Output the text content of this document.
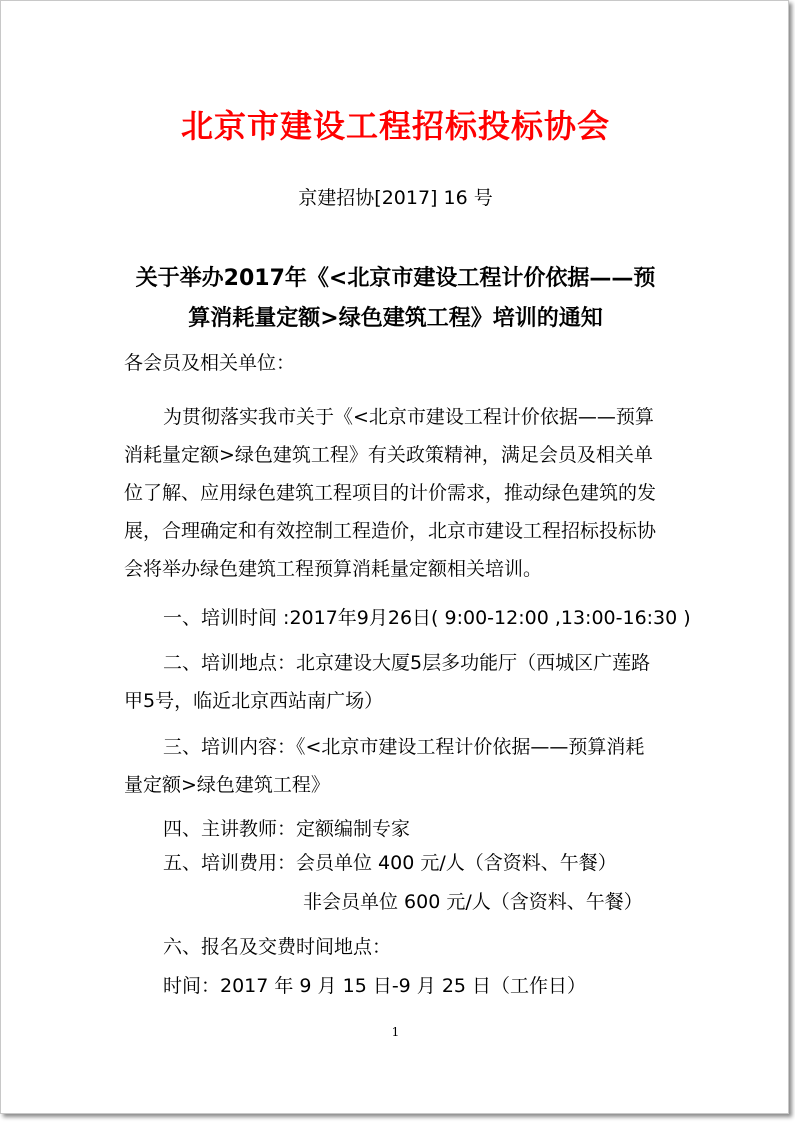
北京市建设工程招标投标协会
京建招协[2017] 16 号
关于举办2017年《<北京市建设工程计价依据——预
算消耗量定额>绿色建筑工程》培训的通知
各会员及相关单位：
为贯彻落实我市关于《<北京市建设工程计价依据——预算
消耗量定额>绿色建筑工程》有关政策精神，满足会员及相关单
位了解、应用绿色建筑工程项目的计价需求，推动绿色建筑的发
展，合理确定和有效控制工程造价，北京市建设工程招标投标协
会将举办绿色建筑工程预算消耗量定额相关培训。
一、培训时间 :2017年9月26日( 9:00-12:00 ,13:00-16:30 )
二、培训地点：北京建设大厦5层多功能厅（西城区广莲路
甲5号，临近北京西站南广场）
三、培训内容：《<北京市建设工程计价依据——预算消耗
量定额>绿色建筑工程》
四、主讲教师：定额编制专家
五、培训费用：会员单位 400 元/人（含资料、午餐）
非会员单位 600 元/人（含资料、午餐）
六、报名及交费时间地点：
时间：2017 年 9 月 15 日-9 月 25 日（工作日）
1
